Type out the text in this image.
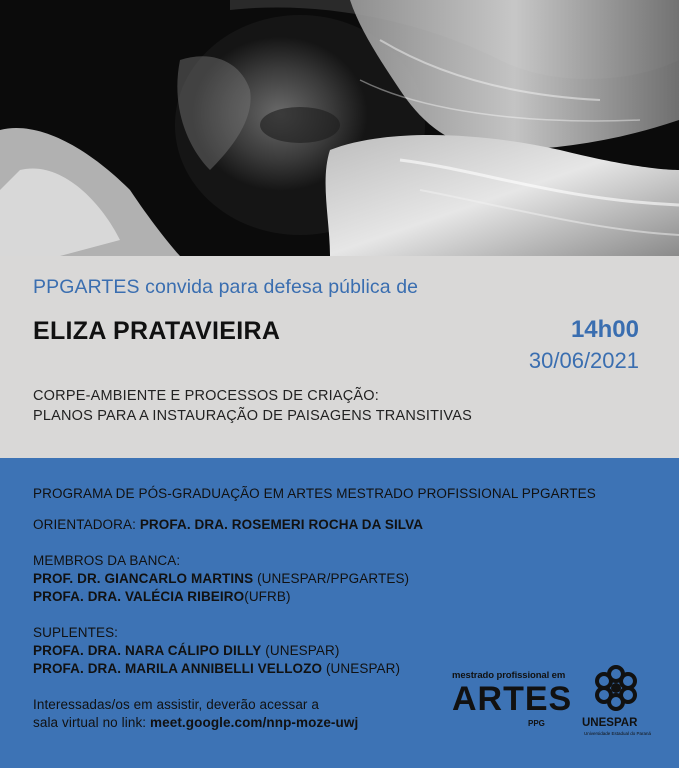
PPGARTES convida para defesa pública de
ELIZA PRATAVIEIRA	14h00
30/06/2021
CORPE-AMBIENTE E PROCESSOS DE CRIAÇÃO:
PLANOS PARA A INSTAURAÇÃO DE PAISAGENS TRANSITIVAS
PROGRAMA DE PÓS-GRADUAÇÃO EM ARTES MESTRADO PROFISSIONAL PPGARTES
ORIENTADORA: PROFA. DRA. ROSEMERI ROCHA DA SILVA
MEMBROS DA BANCA:
PROF. DR. GIANCARLO MARTINS (UNESPAR/PPGARTES)
PROFA. DRA. VALÉCIA RIBEIRO(UFRB)
SUPLENTES:
PROFA. DRA. NARA CÁLIPO DILLY (UNESPAR)
PROFA. DRA. MARILA ANNIBELLI VELLOZO (UNESPAR)
Interessadas/os em assistir, deverão acessar a
sala virtual no link: meet.google.com/nnp-moze-uwj
mestrado profissional em
ARTES
PPG	UNESPAR
Universidade Estadual do Paraná
